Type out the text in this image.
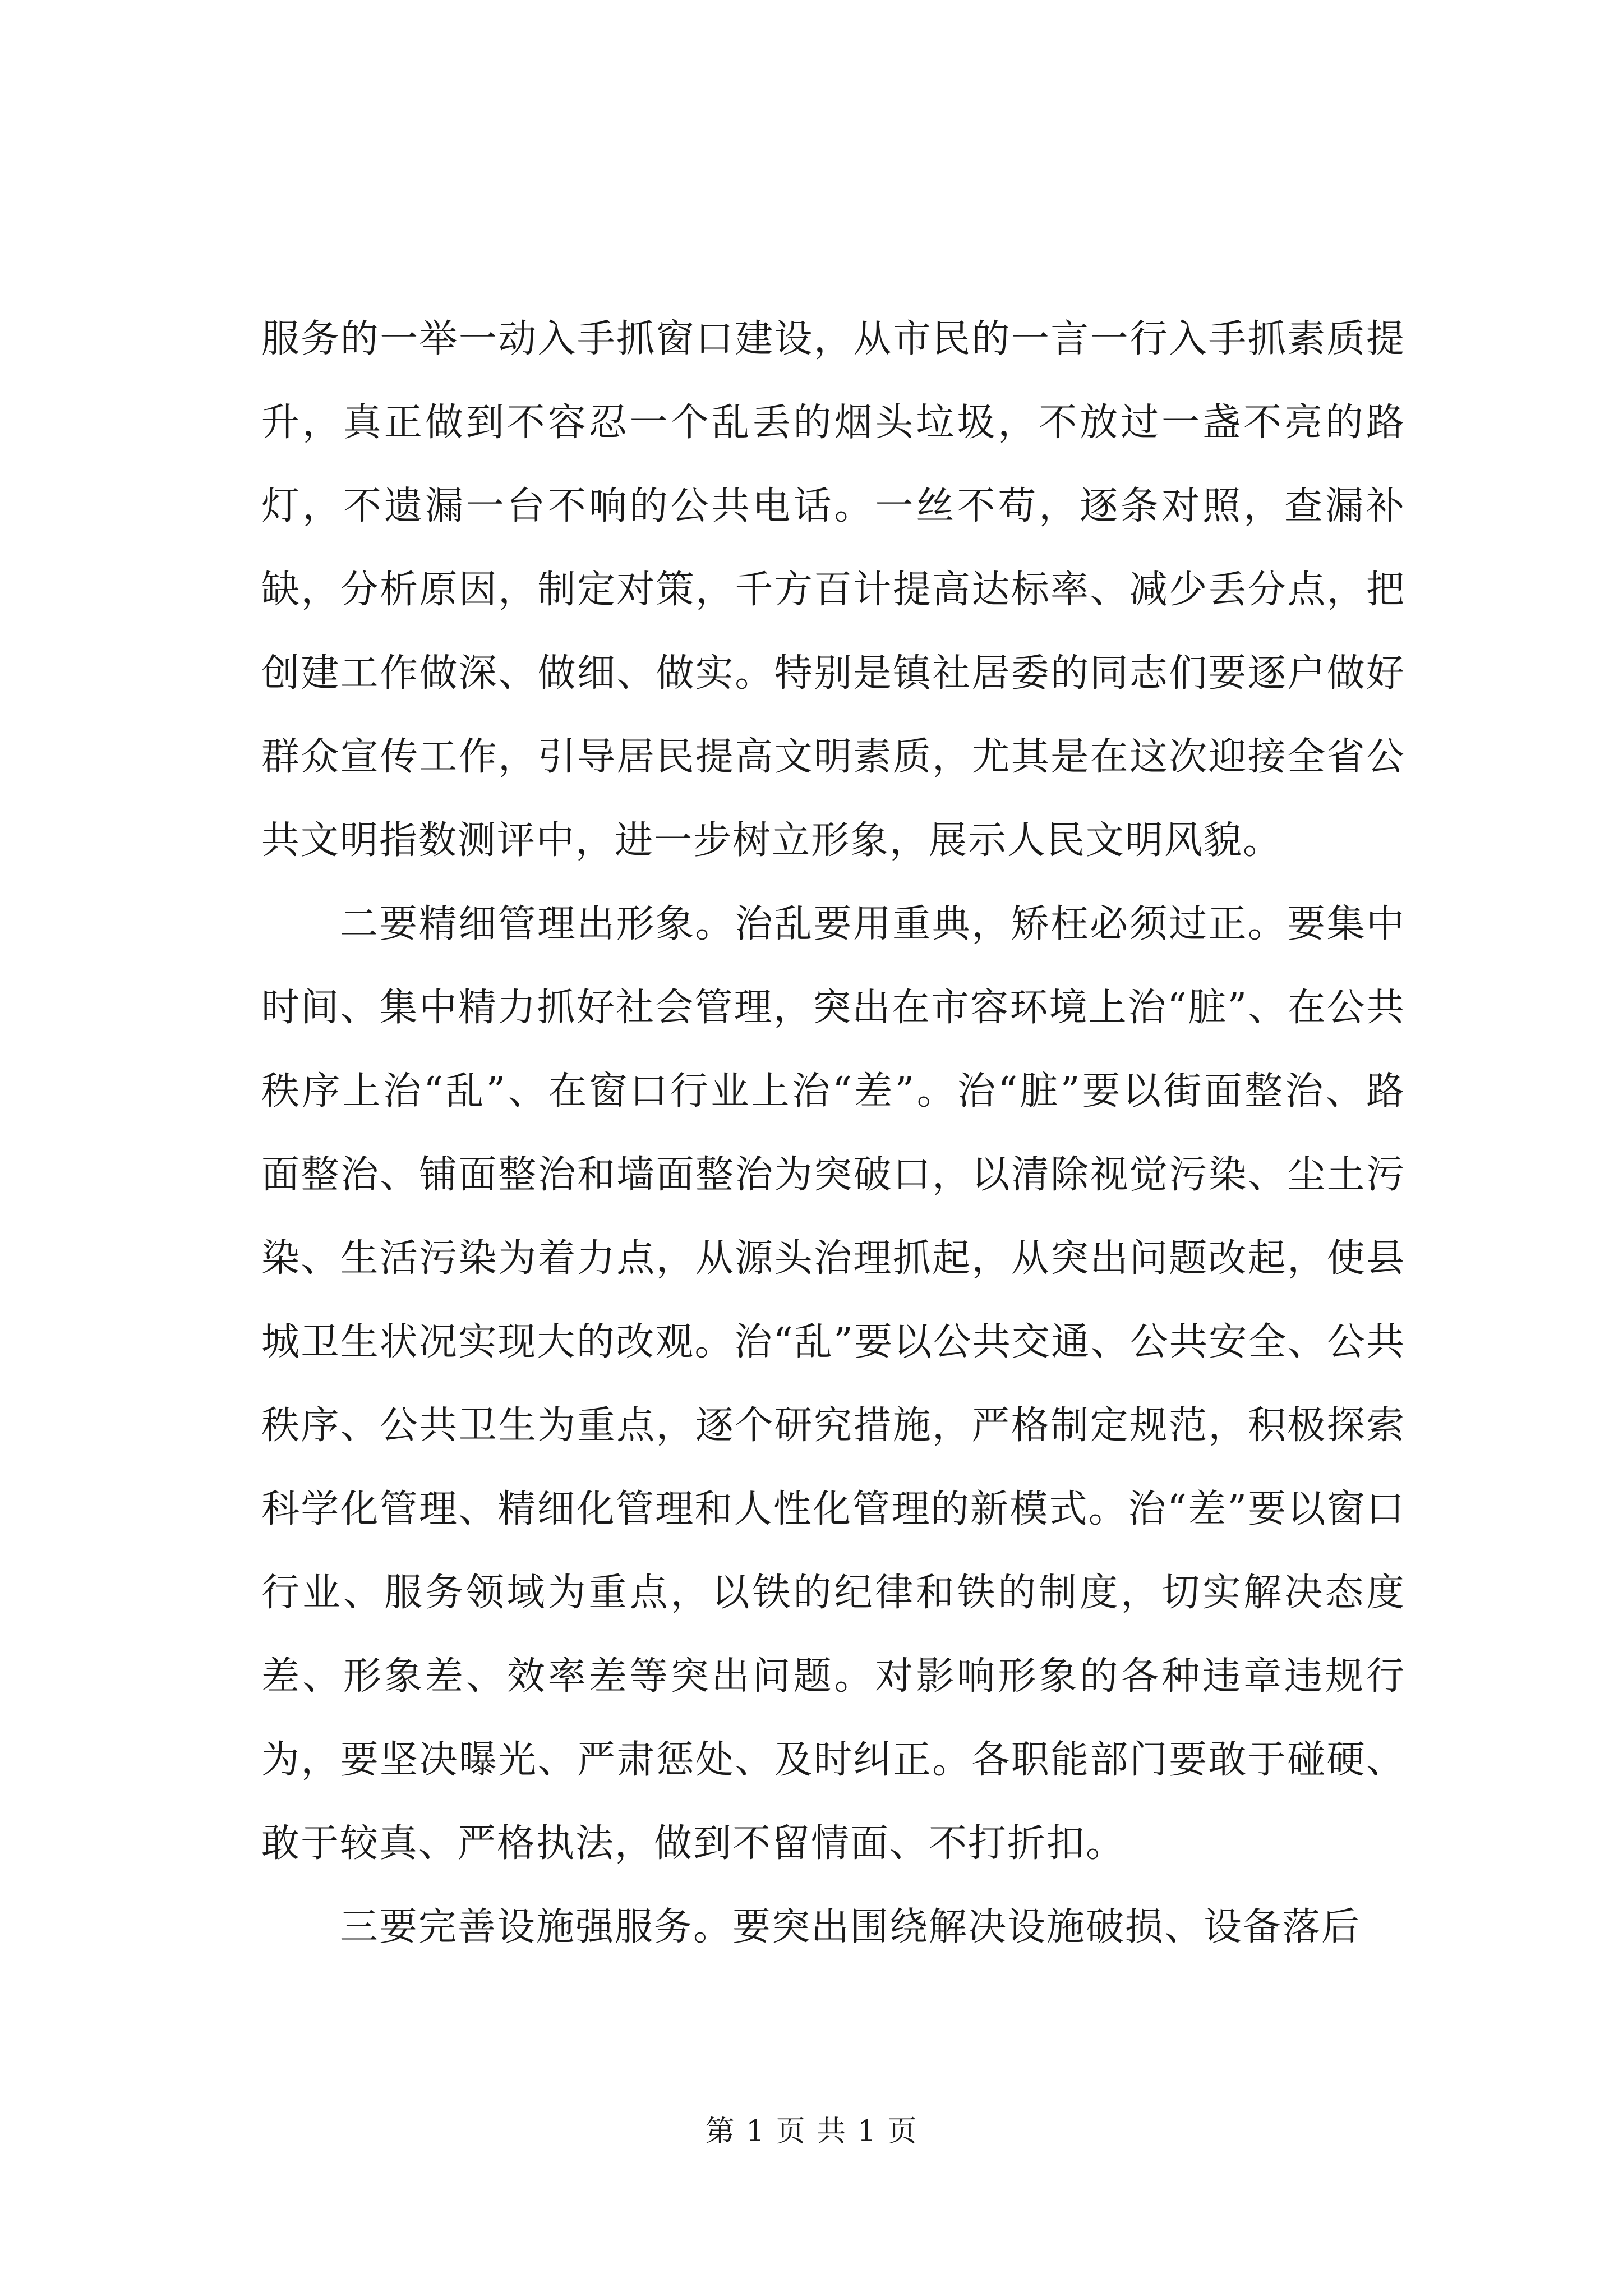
服务的一举一动入手抓窗口建设，从市民的一言一行入手抓素质提升，真正做到不容忍一个乱丢的烟头垃圾，不放过一盏不亮的路灯，不遗漏一台不响的公共电话。一丝不苟，逐条对照，查漏补缺，分析原因，制定对策，千方百计提高达标率、减少丢分点，把创建工作做深、做细、做实。特别是镇社居委的同志们要逐户做好群众宣传工作，引导居民提高文明素质，尤其是在这次迎接全省公共文明指数测评中，进一步树立形象，展示人民文明风貌。

二要精细管理出形象。治乱要用重典，矫枉必须过正。要集中时间、集中精力抓好社会管理，突出在市容环境上治“脏”、在公共秩序上治“乱”、在窗口行业上治“差”。治“脏”要以街面整治、路面整治、铺面整治和墙面整治为突破口，以清除视觉污染、尘土污染、生活污染为着力点，从源头治理抓起，从突出问题改起，使县城卫生状况实现大的改观。治“乱”要以公共交通、公共安全、公共秩序、公共卫生为重点，逐个研究措施，严格制定规范，积极探索科学化管理、精细化管理和人性化管理的新模式。治“差”要以窗口行业、服务领域为重点，以铁的纪律和铁的制度，切实解决态度差、形象差、效率差等突出问题。对影响形象的各种违章违规行为，要坚决曝光、严肃惩处、及时纠正。各职能部门要敢于碰硬、敢于较真、严格执法，做到不留情面、不打折扣。

三要完善设施强服务。要突出围绕解决设施破损、设备落后

第 1 页 共 1 页
